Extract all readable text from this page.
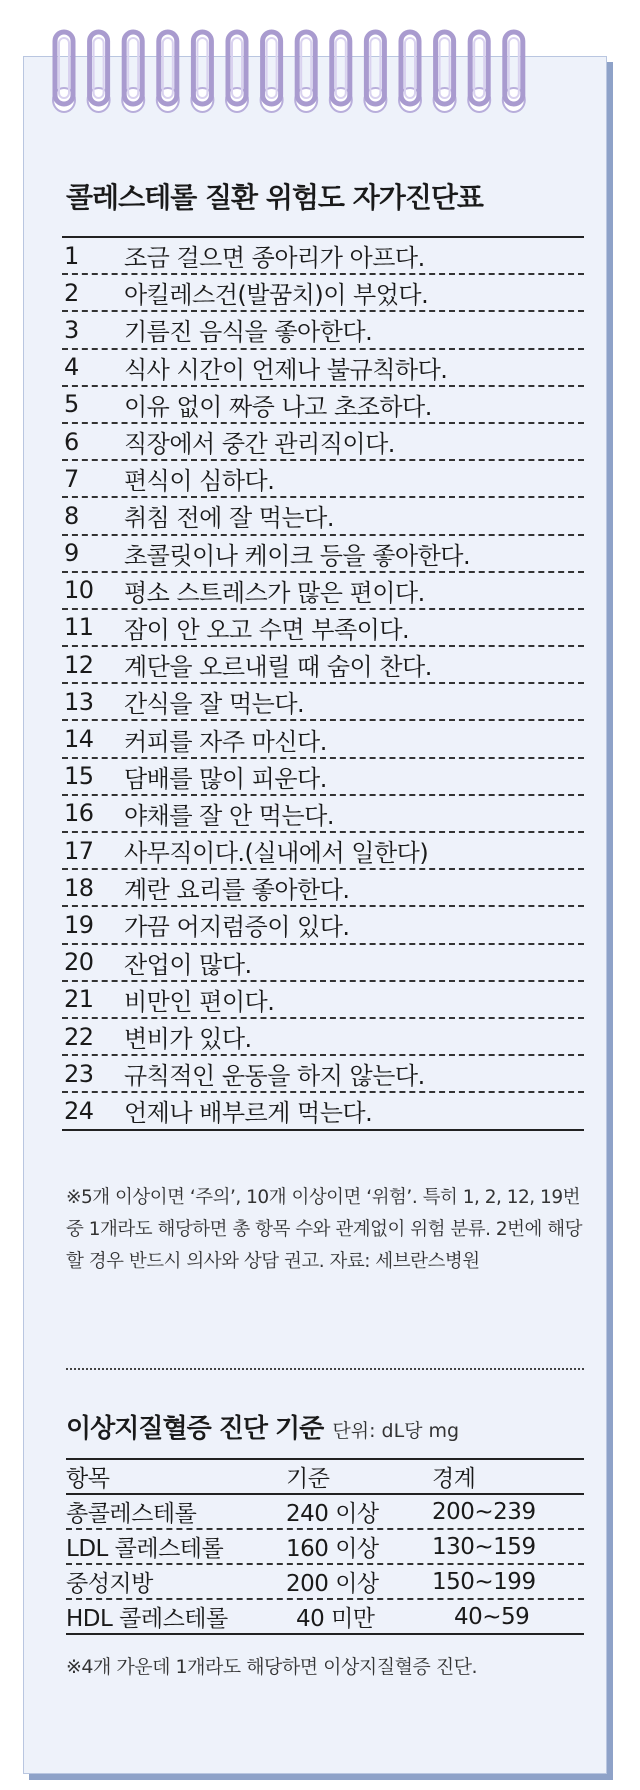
콜레스테롤 질환 위험도 자가진단표
1	조금 걸으면 종아리가 아프다.
2	아킬레스건(발꿈치)이 부었다.
3	기름진 음식을 좋아한다.
4	식사 시간이 언제나 불규칙하다.
5	이유 없이 짜증 나고 초조하다.
6	직장에서 중간 관리직이다.
7	편식이 심하다.
8	취침 전에 잘 먹는다.
9	초콜릿이나 케이크 등을 좋아한다.
10	평소 스트레스가 많은 편이다.
11	잠이 안 오고 수면 부족이다.
12	계단을 오르내릴 때 숨이 찬다.
13	간식을 잘 먹는다.
14	커피를 자주 마신다.
15	담배를 많이 피운다.
16	야채를 잘 안 먹는다.
17	사무직이다.(실내에서 일한다)
18	계란 요리를 좋아한다.
19	가끔 어지럼증이 있다.
20	잔업이 많다.
21	비만인 편이다.
22	변비가 있다.
23	규칙적인 운동을 하지 않는다.
24	언제나 배부르게 먹는다.
※5개 이상이면 ‘주의’, 10개 이상이면 ‘위험’. 특히 1, 2, 12, 19번 중 1개라도 해당하면 총 항목 수와 관계없이 위험 분류. 2번에 해당할 경우 반드시 의사와 상담 권고. 자료: 세브란스병원
이상지질혈증 진단 기준 단위: dL당 mg
항목	기준	경계
총콜레스테롤	240 이상	200∼239
LDL 콜레스테롤	160 이상	130∼159
중성지방	200 이상	150∼199
HDL 콜레스테롤	40 미만	40∼59
※4개 가운데 1개라도 해당하면 이상지질혈증 진단.
